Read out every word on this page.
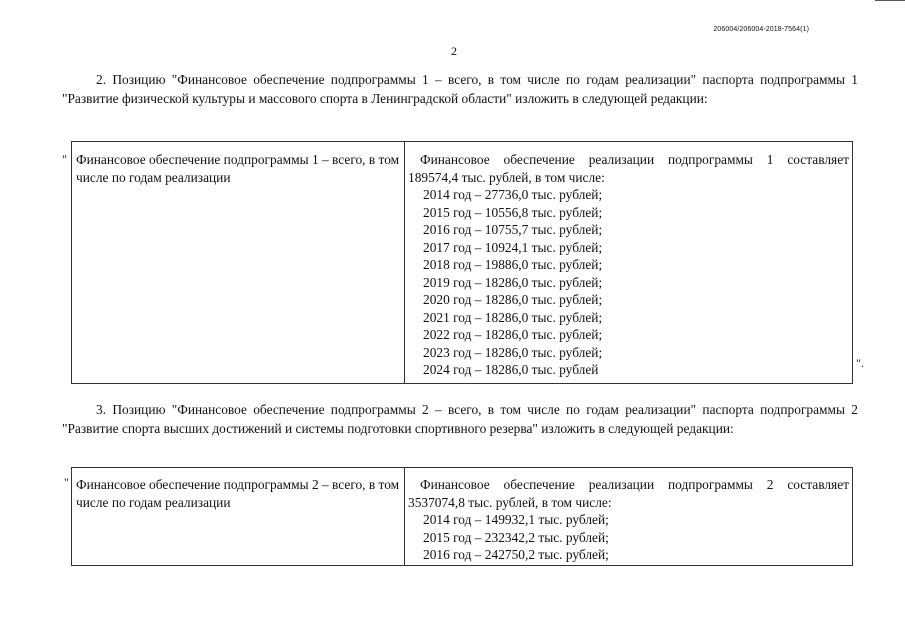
206004/206004-2018-7564(1)
2
2. Позицию "Финансовое обеспечение подпрограммы 1 – всего, в том числе по годам реализации" паспорта подпрограммы 1 "Развитие физической культуры и массового спорта в Ленинградской области" изложить в следующей редакции:
" Финансовое обеспечение подпрограммы 1 – всего, в том числе по годам реализации
Финансовое обеспечение реализации подпрограммы 1 составляет 189574,4 тыс. рублей, в том числе:
2014 год – 27736,0 тыс. рублей;
2015 год – 10556,8 тыс. рублей;
2016 год – 10755,7 тыс. рублей;
2017 год – 10924,1 тыс. рублей;
2018 год – 19886,0 тыс. рублей;
2019 год – 18286,0 тыс. рублей;
2020 год – 18286,0 тыс. рублей;
2021 год – 18286,0 тыс. рублей;
2022 год – 18286,0 тыс. рублей;
2023 год – 18286,0 тыс. рублей;
2024 год – 18286,0 тыс. рублей	".
3. Позицию "Финансовое обеспечение подпрограммы 2 – всего, в том числе по годам реализации" паспорта подпрограммы 2 "Развитие спорта высших достижений и системы подготовки спортивного резерва" изложить в следующей редакции:
" Финансовое обеспечение подпрограммы 2 – всего, в том числе по годам реализации
Финансовое обеспечение реализации подпрограммы 2 составляет 3537074,8 тыс. рублей, в том числе:
2014 год – 149932,1 тыс. рублей;
2015 год – 232342,2 тыс. рублей;
2016 год – 242750,2 тыс. рублей;
